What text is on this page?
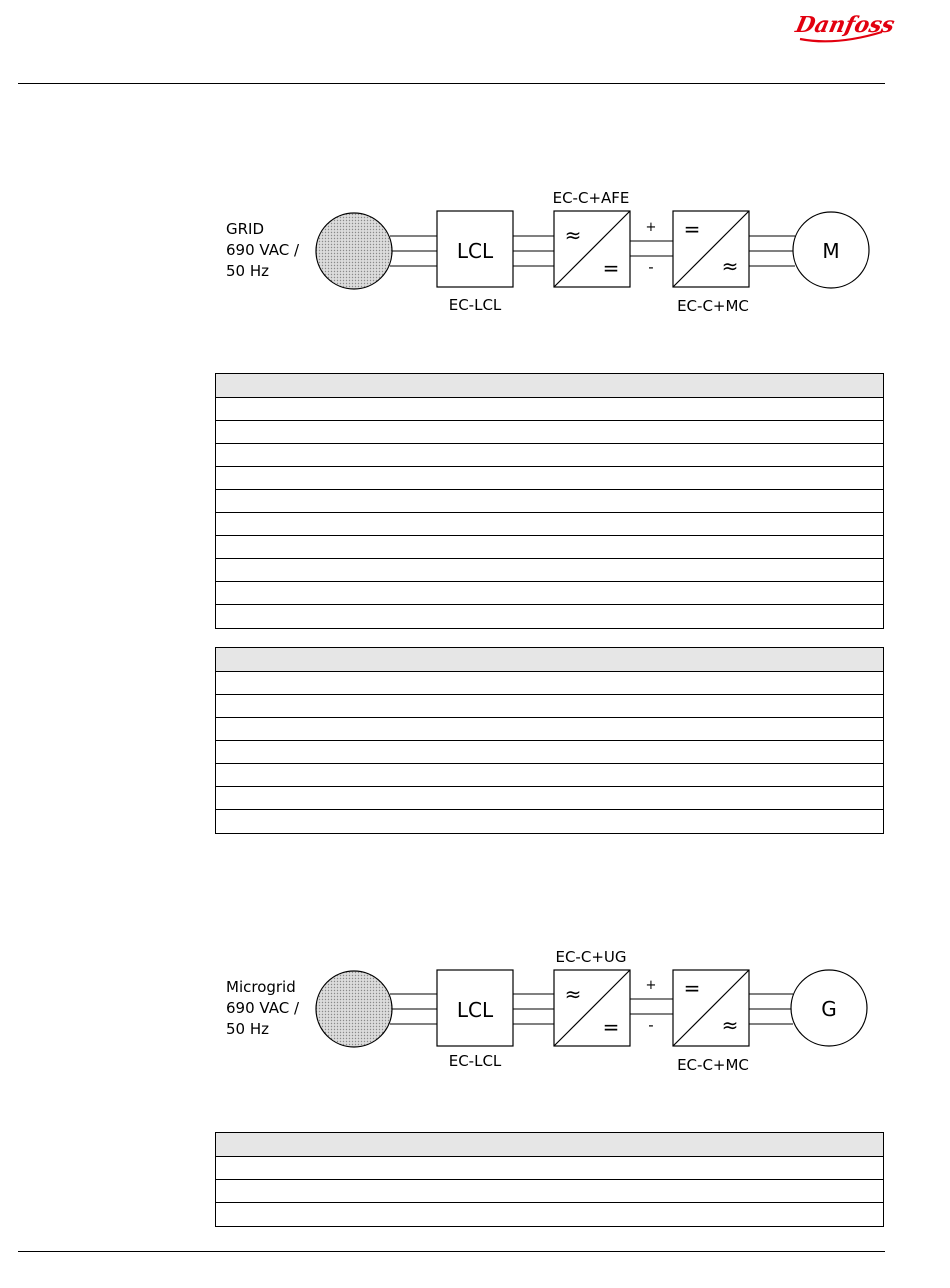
Danfoss
GRID
690 VAC /
50 Hz
LCL
EC-LCL
EC-C+AFE
≈
=
+
-
=
≈
EC-C+MC
M
Microgrid
690 VAC /
50 Hz
LCL
EC-LCL
EC-C+UG
≈
=
+
-
=
≈
EC-C+MC
G
